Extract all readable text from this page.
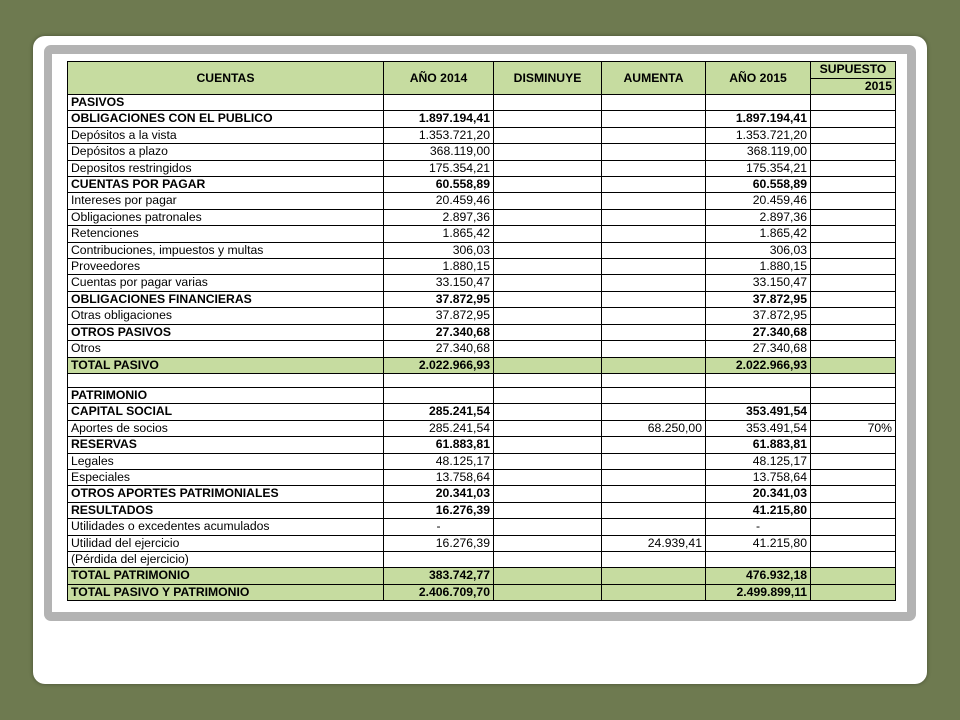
CUENTAS	AÑO 2014	DISMINUYE	AUMENTA	AÑO 2015	SUPUESTO
					2015
PASIVOS					
OBLIGACIONES CON EL PUBLICO	1.897.194,41			1.897.194,41	
Depósitos a la vista	1.353.721,20			1.353.721,20	
Depósitos a plazo	368.119,00			368.119,00	
Depositos restringidos	175.354,21			175.354,21	
CUENTAS POR PAGAR	60.558,89			60.558,89	
Intereses por pagar	20.459,46			20.459,46	
Obligaciones patronales	2.897,36			2.897,36	
Retenciones	1.865,42			1.865,42	
Contribuciones, impuestos y multas	306,03			306,03	
Proveedores	1.880,15			1.880,15	
Cuentas por pagar varias	33.150,47			33.150,47	
OBLIGACIONES FINANCIERAS	37.872,95			37.872,95	
Otras obligaciones	37.872,95			37.872,95	
OTROS PASIVOS	27.340,68			27.340,68	
Otros	27.340,68			27.340,68	
TOTAL PASIVO	2.022.966,93			2.022.966,93	

PATRIMONIO					
CAPITAL SOCIAL	285.241,54			353.491,54	
Aportes de socios	285.241,54		68.250,00	353.491,54	70%
RESERVAS	61.883,81			61.883,81	
Legales	48.125,17			48.125,17	
Especiales	13.758,64			13.758,64	
OTROS APORTES PATRIMONIALES	20.341,03			20.341,03	
RESULTADOS	16.276,39			41.215,80	
Utilidades o excedentes acumulados	-			-	
Utilidad del ejercicio	16.276,39		24.939,41	41.215,80	
(Pérdida del ejercicio)					
TOTAL PATRIMONIO	383.742,77			476.932,18	
TOTAL PASIVO Y PATRIMONIO	2.406.709,70			2.499.899,11	
